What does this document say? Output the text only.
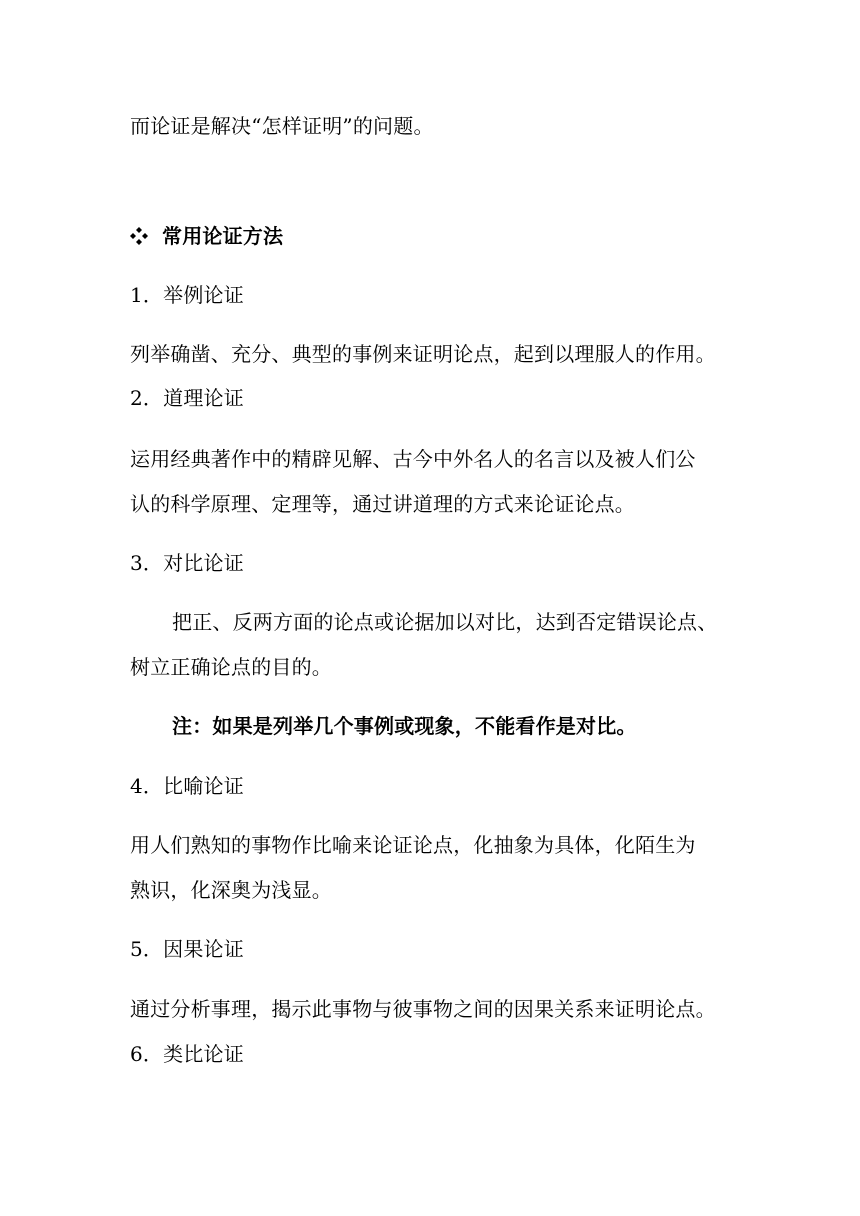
而论证是解决“怎样证明”的问题。
常用论证方法
1．举例论证
列举确凿、充分、典型的事例来证明论点，起到以理服人的作用。
2．道理论证
运用经典著作中的精辟见解、古今中外名人的名言以及被人们公
认的科学原理、定理等，通过讲道理的方式来论证论点。
3．对比论证
把正、反两方面的论点或论据加以对比，达到否定错误论点、
树立正确论点的目的。
注：如果是列举几个事例或现象，不能看作是对比。
4．比喻论证
用人们熟知的事物作比喻来论证论点，化抽象为具体，化陌生为
熟识，化深奥为浅显。
5．因果论证
通过分析事理，揭示此事物与彼事物之间的因果关系来证明论点。
6．类比论证
